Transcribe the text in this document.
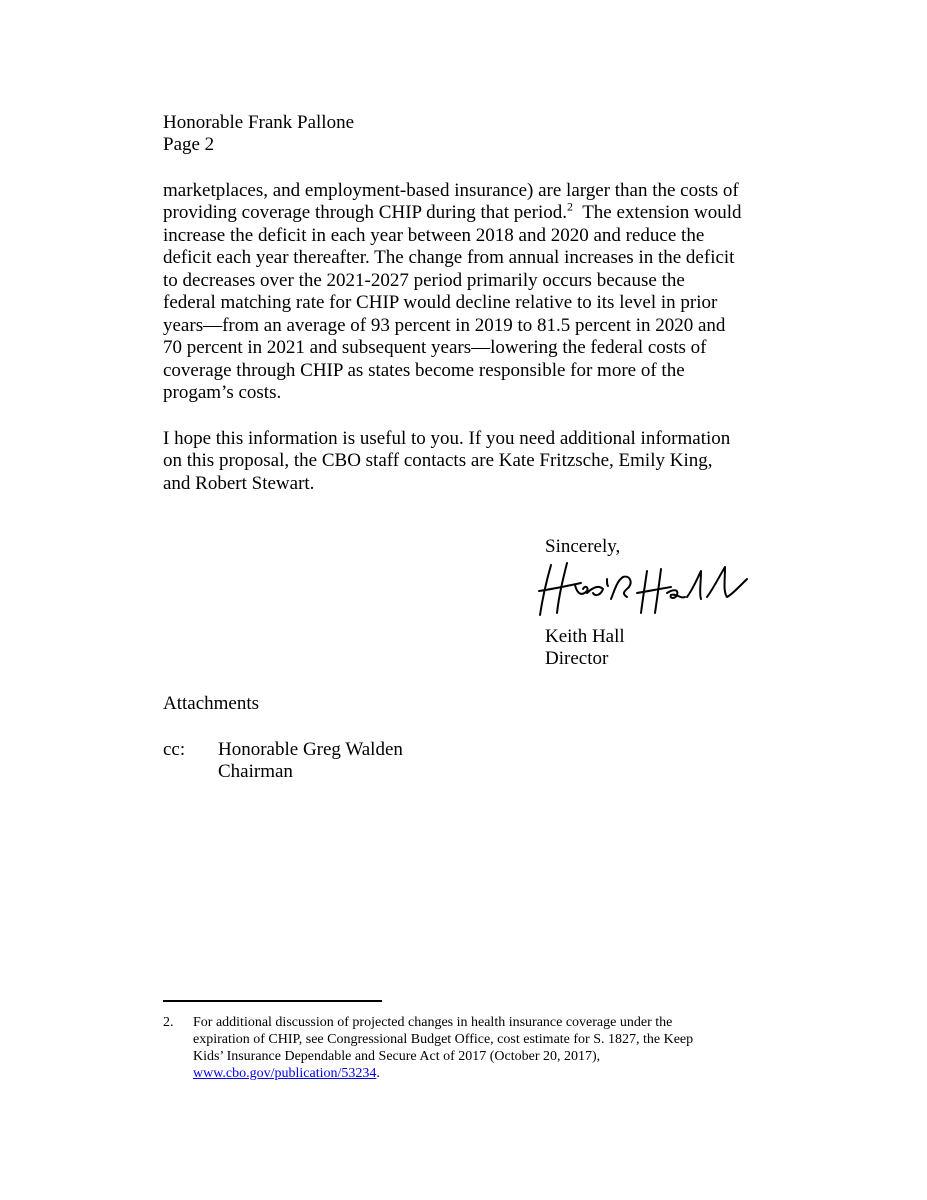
Honorable Frank Pallone
Page 2
marketplaces, and employment-based insurance) are larger than the costs of
providing coverage through CHIP during that period.$^2$ The extension would
increase the deficit in each year between 2018 and 2020 and reduce the
deficit each year thereafter. The change from annual increases in the deficit
to decreases over the 2021-2027 period primarily occurs because the
federal matching rate for CHIP would decline relative to its level in prior
years—from an average of 93 percent in 2019 to 81.5 percent in 2020 and
70 percent in 2021 and subsequent years—lowering the federal costs of
coverage through CHIP as states become responsible for more of the
progam’s costs.
I hope this information is useful to you. If you need additional information
on this proposal, the CBO staff contacts are Kate Fritzsche, Emily King,
and Robert Stewart.
Sincerely,
Keith Hall
Director
Attachments
cc: Honorable Greg Walden
Chairman
2. For additional discussion of projected changes in health insurance coverage under the
expiration of CHIP, see Congressional Budget Office, cost estimate for S. 1827, the Keep
Kids’ Insurance Dependable and Secure Act of 2017 (October 20, 2017),
www.cbo.gov/publication/53234.
